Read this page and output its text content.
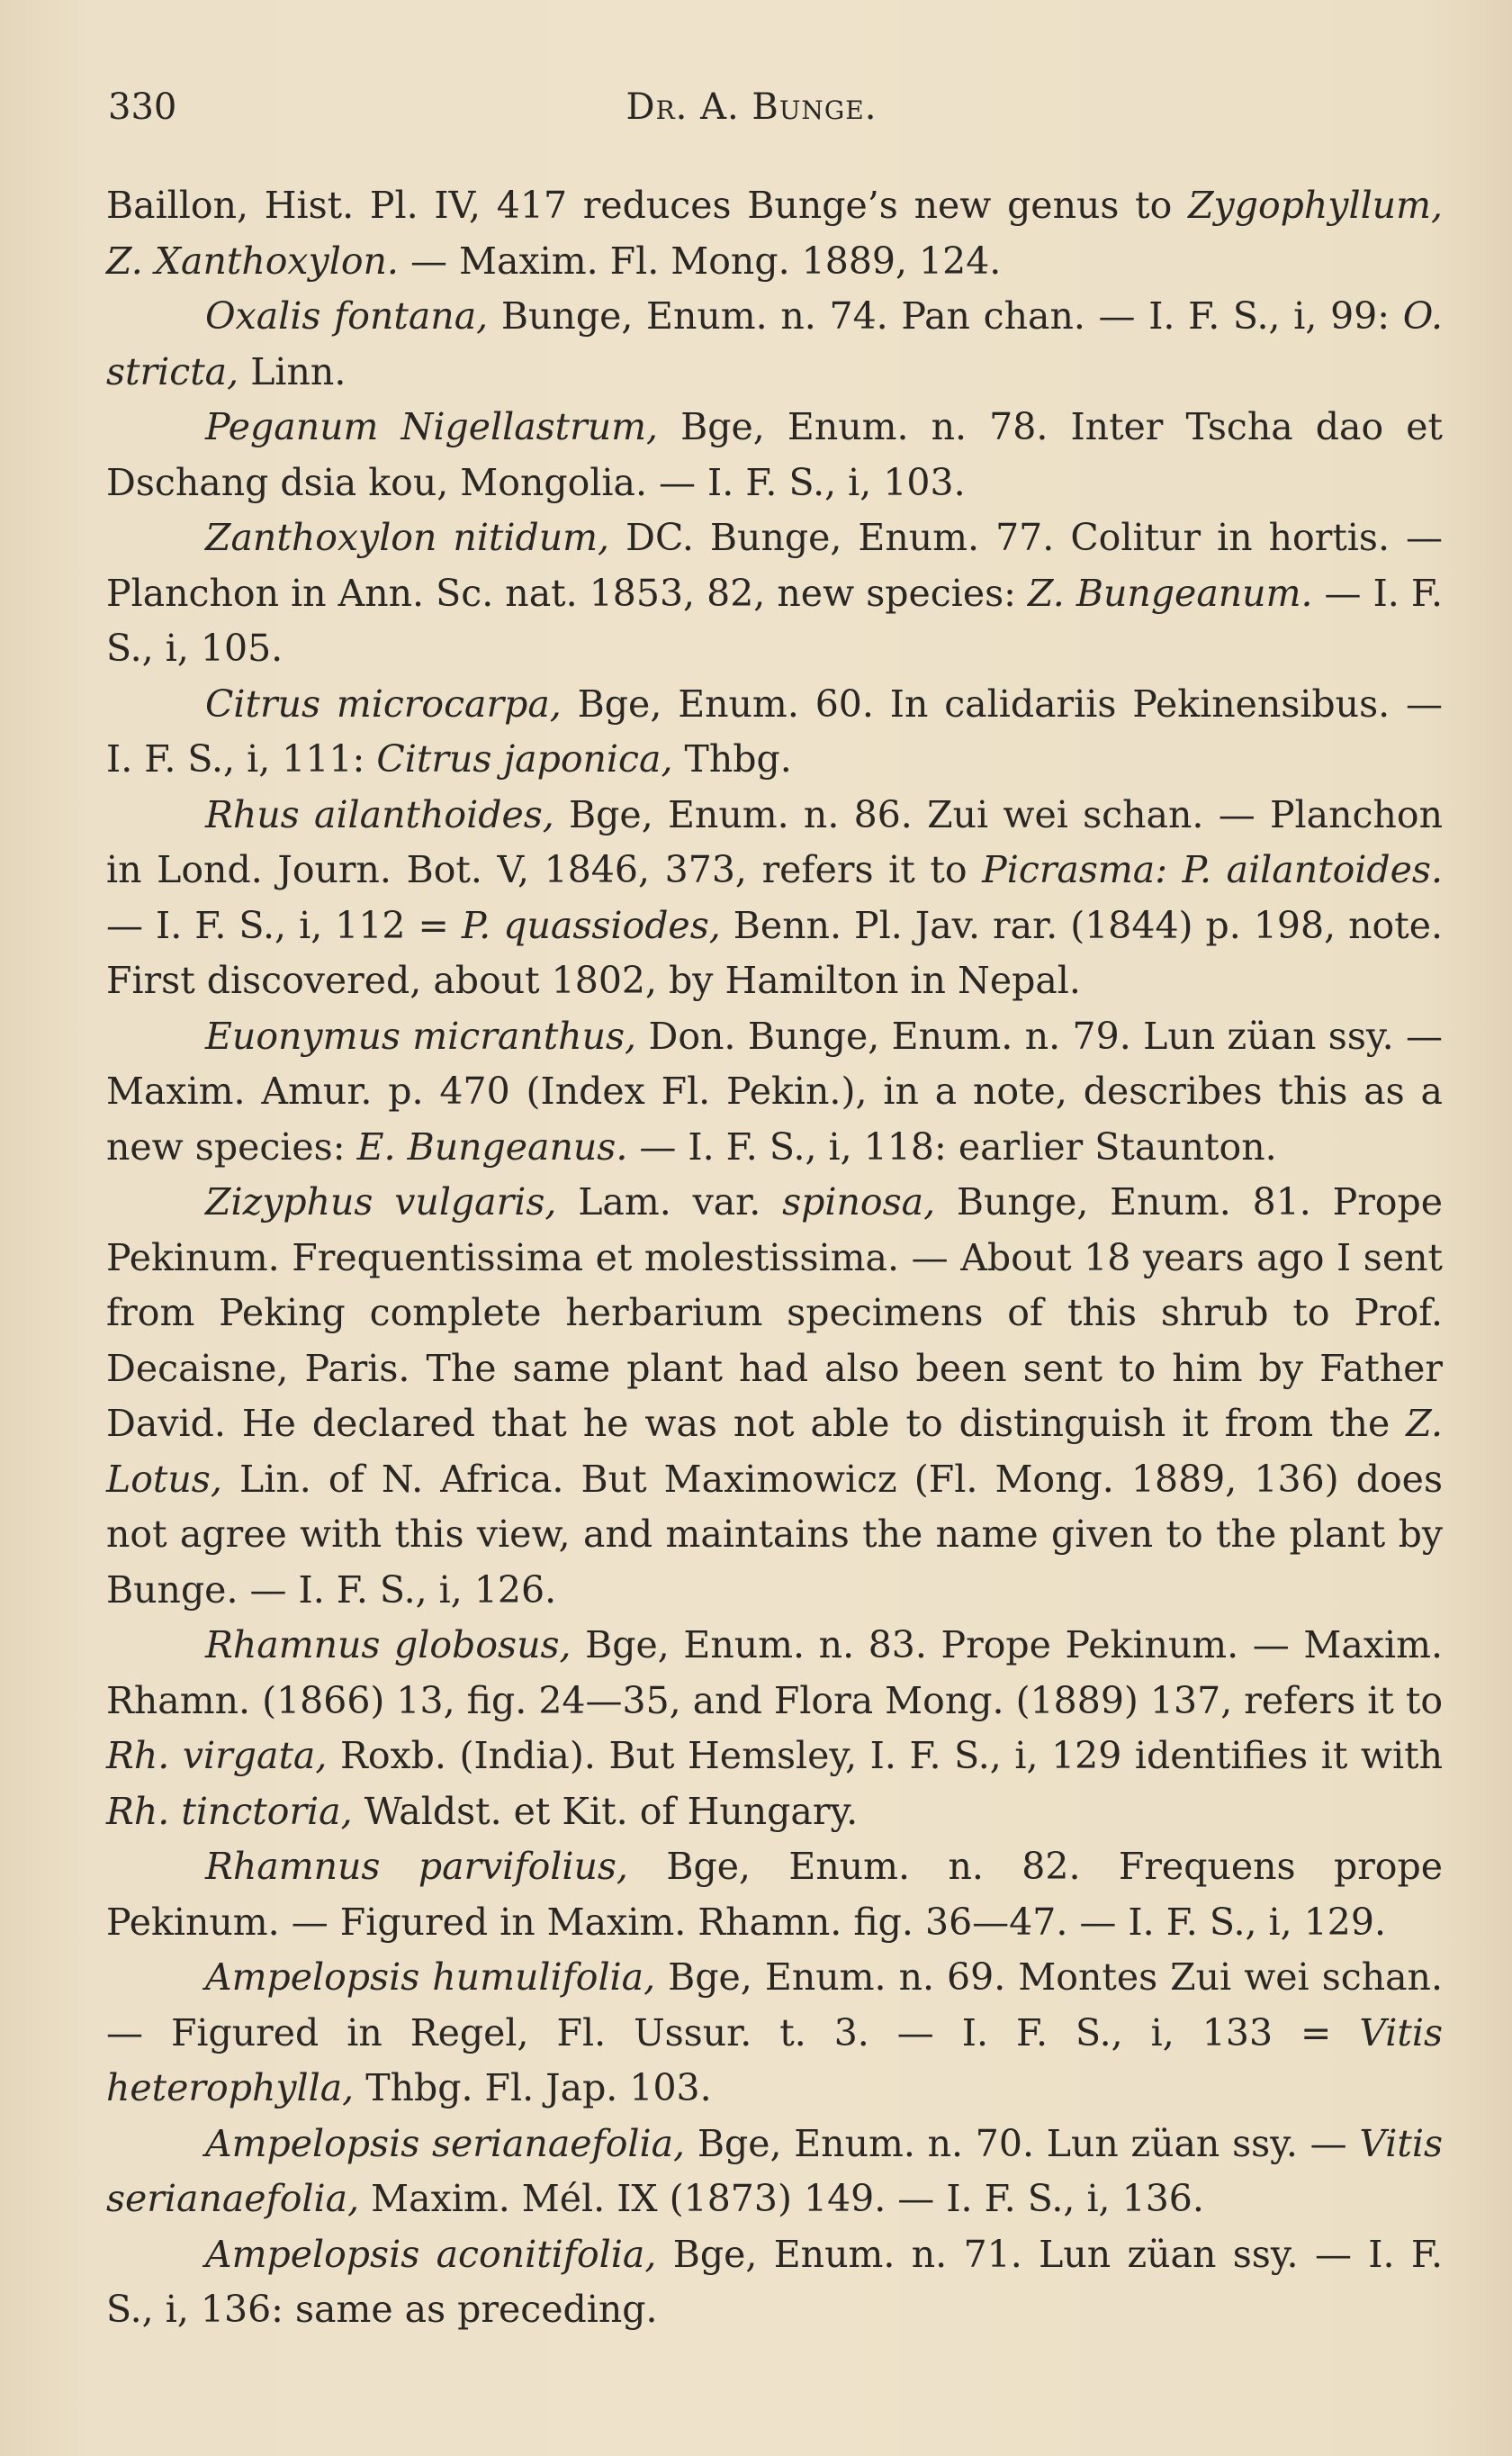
330	Dr. A. Bunge.

Baillon, Hist. Pl. IV, 417 reduces Bunge’s new genus to Zygophyllum, Z. Xanthoxylon. — Maxim. Fl. Mong. 1889, 124.

Oxalis fontana, Bunge, Enum. n. 74. Pan chan. — I. F. S., i, 99: O. stricta, Linn.

Peganum Nigellastrum, Bge, Enum. n. 78. Inter Tscha dao et Dschang dsia kou, Mongolia. — I. F. S., i, 103.

Zanthoxylon nitidum, DC. Bunge, Enum. 77. Colitur in hortis. — Planchon in Ann. Sc. nat. 1853, 82, new species: Z. Bungeanum. — I. F. S., i, 105.

Citrus microcarpa, Bge, Enum. 60. In calidariis Pekinensibus. — I. F. S., i, 111: Citrus japonica, Thbg.

Rhus ailanthoides, Bge, Enum. n. 86. Zui wei schan. — Planchon in Lond. Journ. Bot. V, 1846, 373, refers it to Picrasma: P. ailantoides. — I. F. S., i, 112 = P. quassiodes, Benn. Pl. Jav. rar. (1844) p. 198, note. First discovered, about 1802, by Hamilton in Nepal.

Euonymus micranthus, Don. Bunge, Enum. n. 79. Lun züan ssy. — Maxim. Amur. p. 470 (Index Fl. Pekin.), in a note, describes this as a new species: E. Bungeanus. — I. F. S., i, 118: earlier Staunton.

Zizyphus vulgaris, Lam. var. spinosa, Bunge, Enum. 81. Prope Pekinum. Frequentissima et molestissima. — About 18 years ago I sent from Peking complete herbarium specimens of this shrub to Prof. Decaisne, Paris. The same plant had also been sent to him by Father David. He declared that he was not able to distinguish it from the Z. Lotus, Lin. of N. Africa. But Maximowicz (Fl. Mong. 1889, 136) does not agree with this view, and maintains the name given to the plant by Bunge. — I. F. S., i, 126.

Rhamnus globosus, Bge, Enum. n. 83. Prope Pekinum. — Maxim. Rhamn. (1866) 13, fig. 24—35, and Flora Mong. (1889) 137, refers it to Rh. virgata, Roxb. (India). But Hemsley, I. F. S., i, 129 identifies it with Rh. tinctoria, Waldst. et Kit. of Hungary.

Rhamnus parvifolius, Bge, Enum. n. 82. Frequens prope Pekinum. — Figured in Maxim. Rhamn. fig. 36—47. — I. F. S., i, 129.

Ampelopsis humulifolia, Bge, Enum. n. 69. Montes Zui wei schan. — Figured in Regel, Fl. Ussur. t. 3. — I. F. S., i, 133 = Vitis heterophylla, Thbg. Fl. Jap. 103.

Ampelopsis serianaefolia, Bge, Enum. n. 70. Lun züan ssy. — Vitis serianaefolia, Maxim. Mél. IX (1873) 149. — I. F. S., i, 136.

Ampelopsis aconitifolia, Bge, Enum. n. 71. Lun züan ssy. — I. F. S., i, 136: same as preceding.
